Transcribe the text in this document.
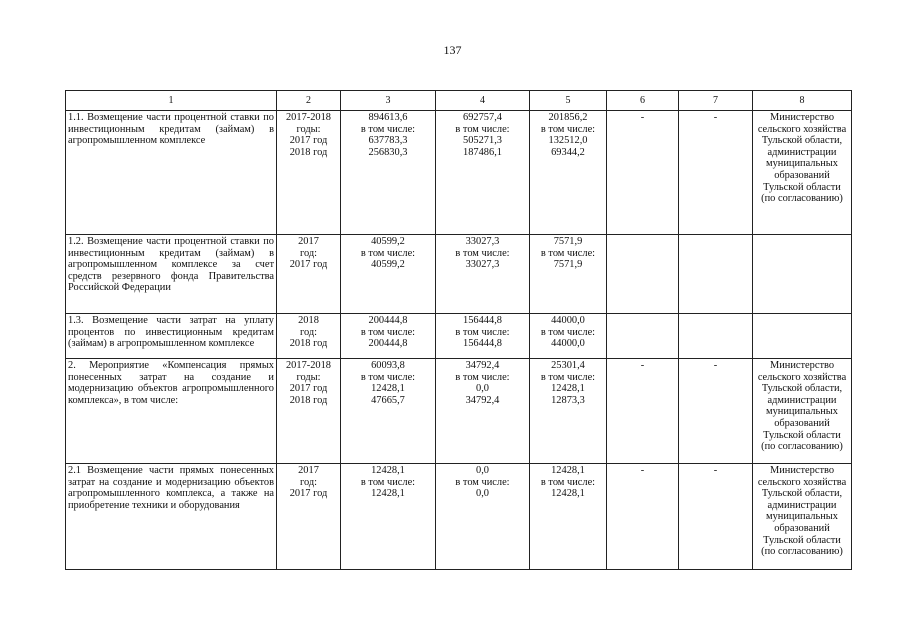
137
1	2	3	4	5	6	7	8
1.1. Возмещение части процентной ставки по инвестиционным кредитам (займам) в агропромышленном комплексе	2017-2018
годы:
2017 год
2018 год	894613,6
в том числе:
637783,3
256830,3	692757,4
в том числе:
505271,3
187486,1	201856,2
в том числе:
132512,0
69344,2	-	-	Министерство сельского хозяйства Тульской области, администрации муниципальных образований Тульской области (по согласованию)
1.2. Возмещение части процентной ставки по инвестиционным кредитам (займам) в агропромышленном комплексе за счет средств резервного фонда Правительства Российской Федерации	2017
год:
2017 год	40599,2
в том числе:
40599,2	33027,3
в том числе:
33027,3	7571,9
в том числе:
7571,9			

1.3. Возмещение части затрат на уплату процентов по инвестиционным кредитам (займам) в агропромышленном комплексе	2018
год:
2018 год	200444,8
в том числе:
200444,8	156444,8
в том числе:
156444,8	44000,0
в том числе:
44000,0			

2. Мероприятие «Компенсация прямых понесенных затрат на создание и модернизацию объектов агропромышленного комплекса», в том числе:	2017-2018
годы:
2017 год
2018 год	60093,8
в том числе:
12428,1
47665,7	34792,4
в том числе:
0,0
34792,4	25301,4
в том числе:
12428,1
12873,3	-	-	Министерство сельского хозяйства Тульской области, администрации муниципальных образований Тульской области (по согласованию)
2.1 Возмещение части прямых понесенных затрат на создание и модернизацию объектов агропромышленного комплекса, а также на приобретение техники и оборудования	2017
год:
2017 год	12428,1
в том числе:
12428,1	0,0
в том числе:
0,0	12428,1
в том числе:
12428,1	-	-	Министерство сельского хозяйства Тульской области, администрации муниципальных образований Тульской области (по согласованию)
